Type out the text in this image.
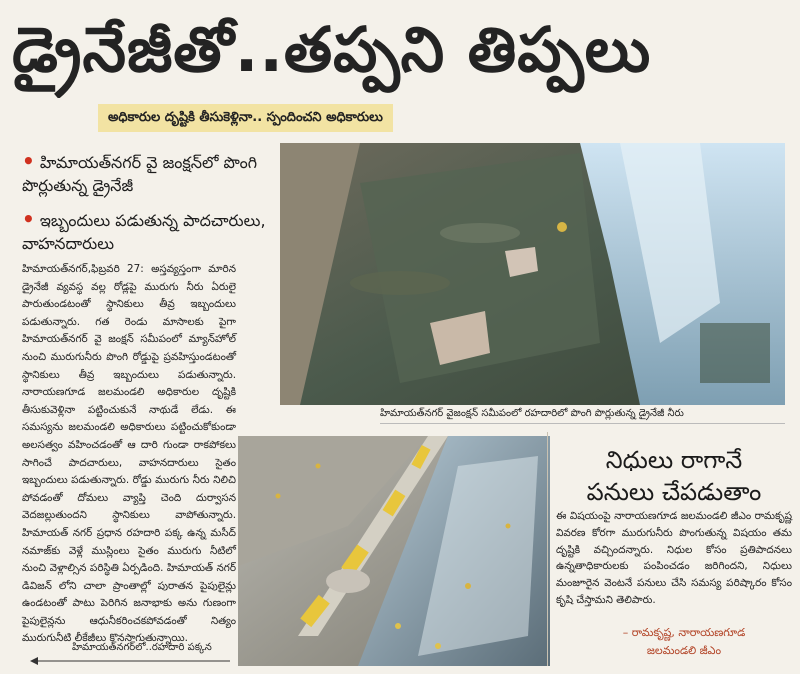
డ్రైనేజీతో..తప్పని తిప్పలు
అధికారుల దృష్టికి తీసుకెళ్లినా.. స్పందించని అధికారులు
• హిమాయత్‌నగర్ వై జంక్షన్‌లో పొంగి పొర్లుతున్న డ్రైనేజీ
• ఇబ్బందులు పడుతున్న పాదచారులు, వాహనదారులు
హిమాయత్‌నగర్,ఫిబ్రవరి 27: అస్తవ్యస్తంగా మారిన డ్రైనేజీ వ్యవస్థ వల్ల రోడ్లపై మురుగు నీరు ఏరులై పారుతుండటంతో స్థానికులు తీవ్ర ఇబ్బందులు పడుతున్నారు. గత రెండు మాసాలకు పైగా హిమాయత్‌నగర్ వై జంక్షన్ సమీపంలో మ్యాన్‌హోల్ నుంచి మురుగునీరు పొంగి రోడ్డుపై ప్రవహిస్తుండటంతో స్థానికులు తీవ్ర ఇబ్బందులు పడుతున్నారు. నారాయణగూడ జలమండలి అధికారుల దృష్టికి తీసుకువెళ్లినా పట్టించుకునే నాథుడే లేడు. ఈ సమస్యను జలమండలి అధికారులు పట్టించుకోకుండా అలసత్వం వహించడంతో ఆ దారి గుండా రాకపోకలు సాగించే పాదచారులు, వాహనదారులు సైతం ఇబ్బందులు పడుతున్నారు. రోడ్డు మురుగు నీరు నిలిచి పోవడంతో దోమలు వ్యాప్తి చెంది దుర్వాసన వెదజల్లుతుందని స్థానికులు వాపోతున్నారు. హిమాయత్ నగర్ ప్రధాన రహదారి పక్క ఉన్న మసీద్ నమాజ్‌కు వెళ్లే ముస్లింలు సైతం మురుగు నీటిలో నుంచి వెళ్లాల్సిన పరిస్థితి ఏర్పడింది. హిమాయత్ నగర్ డివిజన్ లోని చాలా ప్రాంతాల్లో పురాతన పైపులైన్లు ఉండటంతో పాటు పెరిగిన జనాభాకు అను గుణంగా పైపులైన్లను ఆధునీకరించకపోవడంతో నిత్యం మురుగునీటి లీకేజీలు కొనసాగుతున్నాయి.
హిమాయత్‌నగర్ వైజంక్షన్ సమీపంలో రహదారిలో పొంగి పొర్లుతున్న డ్రైనేజీ నీరు
హిమాయత్‌నగర్‌లో..రహదారి పక్కన
నిధులు రాగానే
పనులు చేపడుతాం
ఈ విషయంపై నారాయణగూడ జలమండలి జీఎం రామకృష్ణ వివరణ కోరగా మురుగునీరు పొంగుతున్న విషయం తమ దృష్టికి వచ్చిందన్నారు. నిధుల కోసం ప్రతిపాదనలు ఉన్నతాధికారులకు పంపించడం జరిగిందని, నిధులు మంజూరైన వెంటనే పనులు చేసి సమస్య పరిష్కారం కోసం కృషి చేస్తామని తెలిపారు.
– రామకృష్ణ, నారాయణగూడ
జలమండలి జీఎం
